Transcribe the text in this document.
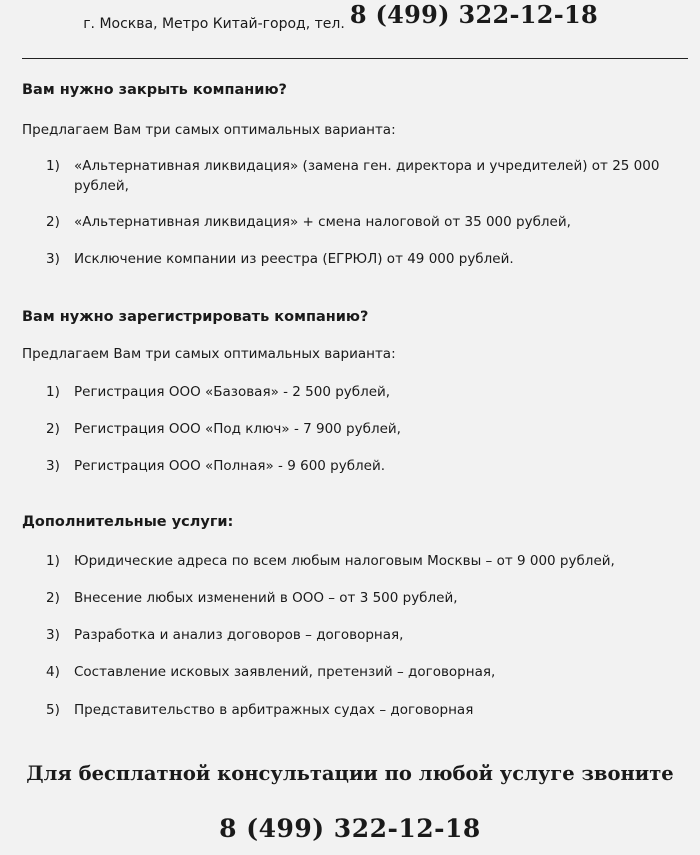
г. Москва, Метро Китай-город, тел. 8 (499) 322-12-18
Вам нужно закрыть компанию?
Предлагаем Вам три самых оптимальных варианта:
1)	«Альтернативная ликвидация» (замена ген. директора и учредителей) от 25 000 рублей,
2)	«Альтернативная ликвидация» + смена налоговой от 35 000 рублей,
3)	Исключение компании из реестра (ЕГРЮЛ) от 49 000 рублей.
Вам нужно зарегистрировать компанию?
Предлагаем Вам три самых оптимальных варианта:
1)	Регистрация ООО «Базовая» - 2 500 рублей,
2)	Регистрация ООО «Под ключ» - 7 900 рублей,
3)	Регистрация ООО «Полная» - 9 600 рублей.
Дополнительные услуги:
1)	Юридические адреса по всем любым налоговым Москвы – от 9 000 рублей,
2)	Внесение любых изменений в ООО – от 3 500 рублей,
3)	Разработка и анализ договоров – договорная,
4)	Составление исковых заявлений, претензий – договорная,
5)	Представительство в арбитражных судах – договорная
Для бесплатной консультации по любой услуге звоните
8 (499) 322-12-18
